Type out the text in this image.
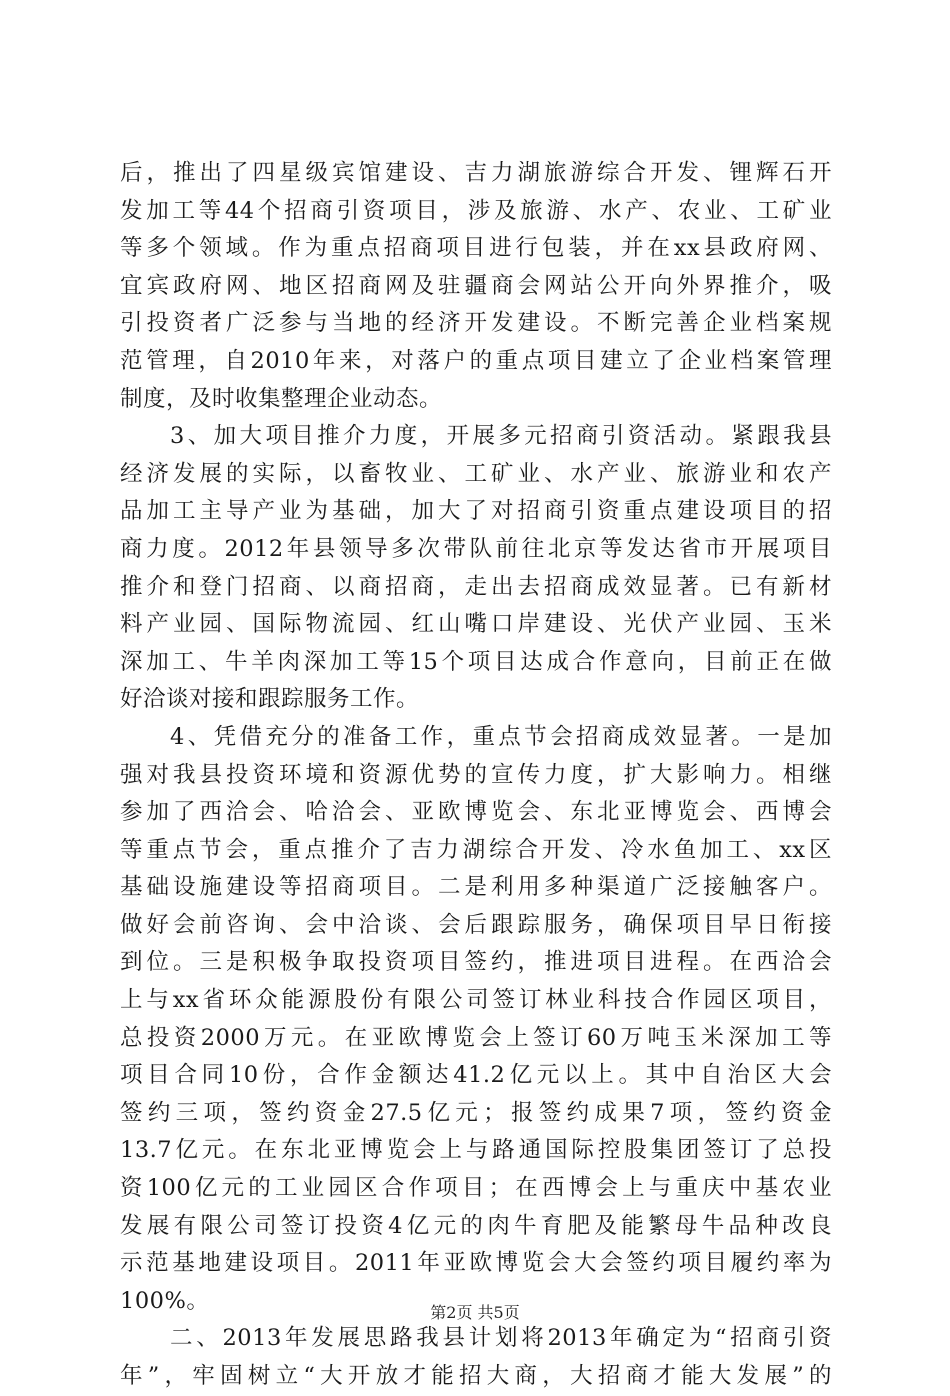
后，推出了四星级宾馆建设、吉力湖旅游综合开发、锂辉石开
发加工等44个招商引资项目，涉及旅游、水产、农业、工矿业
等多个领域。作为重点招商项目进行包装，并在xx县政府网、
宜宾政府网、地区招商网及驻疆商会网站公开向外界推介，吸
引投资者广泛参与当地的经济开发建设。不断完善企业档案规
范管理，自2010年来，对落户的重点项目建立了企业档案管理
制度，及时收集整理企业动态。
3、加大项目推介力度，开展多元招商引资活动。紧跟我县
经济发展的实际，以畜牧业、工矿业、水产业、旅游业和农产
品加工主导产业为基础，加大了对招商引资重点建设项目的招
商力度。2012年县领导多次带队前往北京等发达省市开展项目
推介和登门招商、以商招商，走出去招商成效显著。已有新材
料产业园、国际物流园、红山嘴口岸建设、光伏产业园、玉米
深加工、牛羊肉深加工等15个项目达成合作意向，目前正在做
好洽谈对接和跟踪服务工作。
4、凭借充分的准备工作，重点节会招商成效显著。一是加
强对我县投资环境和资源优势的宣传力度，扩大影响力。相继
参加了西洽会、哈洽会、亚欧博览会、东北亚博览会、西博会
等重点节会，重点推介了吉力湖综合开发、冷水鱼加工、xx区
基础设施建设等招商项目。二是利用多种渠道广泛接触客户。
做好会前咨询、会中洽谈、会后跟踪服务，确保项目早日衔接
到位。三是积极争取投资项目签约，推进项目进程。在西洽会
上与xx省环众能源股份有限公司签订林业科技合作园区项目，
总投资2000万元。在亚欧博览会上签订60万吨玉米深加工等
项目合同10份，合作金额达41.2亿元以上。其中自治区大会
签约三项，签约资金27.5亿元；报签约成果7项，签约资金
13.7亿元。在东北亚博览会上与路通国际控股集团签订了总投
资100亿元的工业园区合作项目；在西博会上与重庆中基农业
发展有限公司签订投资4亿元的肉牛育肥及能繁母牛品种改良
示范基地建设项目。2011年亚欧博览会大会签约项目履约率为
100%。
二、2013年发展思路我县计划将2013年确定为“招商引资
年”，牢固树立“大开放才能招大商，大招商才能大发展”的
第2页 共5页
